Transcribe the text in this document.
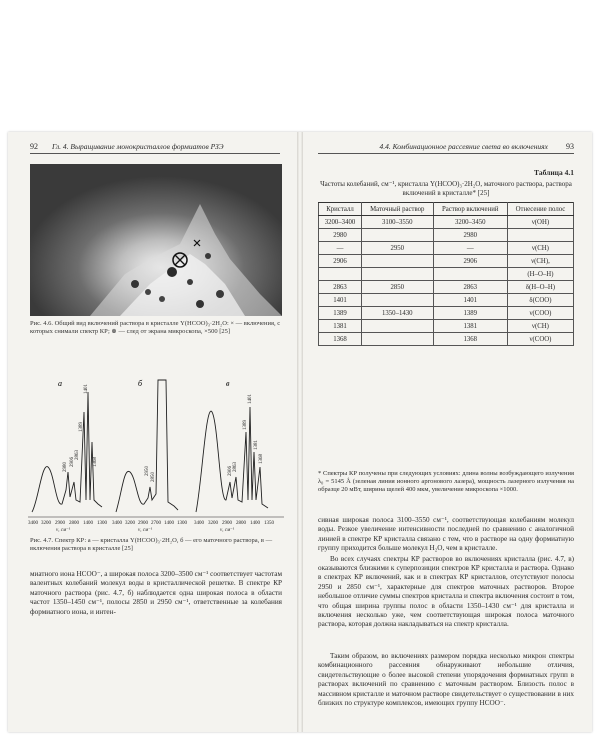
92 Гл. 4. Выращивание монокристаллов формиатов РЗЭ
Рис. 4.6. Общий вид включений раствора в кристалле Y(HCOO)₃·2H₂O: × — включения, с которых снимали спектр КР; ⊗ — след от экрана микроскопа, ×500 [25]
а	б	в
2980 2906
2863
1401
1389
1368
2950
2850
2906 2863
1401
1389
1381
1368
3400 3200 2900 2800 1400 1300 3400 3200 2900 2700 1400 1300 3400 3200 2900 2800 1400 1350
ν, см⁻¹	ν, см⁻¹	ν, см⁻¹
Рис. 4.7. Спектр КР: а — кристалла Y(HCOO)₃·2H₂O, б — его маточного раствора, в — включения раствора в кристалле [25]

миатного иона HCOO⁻, а широкая полоса 3200–3500 см⁻¹ соответствует частотам валентных колебаний молекул воды в кристаллической решетке. В спектре КР маточного раствора (рис. 4.7, б) наблюдается одна широкая полоса в области частот 1350–1450 см⁻¹, полосы 2850 и 2950 см⁻¹, ответственные за колебания формиатного иона, и интен-

4.4. Комбинационное рассеяние света во включениях 93
Таблица 4.1
Частоты колебаний, см⁻¹, кристалла Y(HCOO)₃·2H₂O, маточного раствора, раствора включений в кристалле* [25]
Кристалл	Маточный раствор	Раствор включений	Отнесение полос
3200–3400	3100–3550	3200–3450	ν(OH)
2980		2980	
—	2950	—	ν(CH)
2906		2906	ν(CH),
			(H–O–H)
2863	2850	2863	δ(H–O–H)
1401		1401	δ(COO)
1389	1350–1430	1389	ν(COO)
1381		1381	ν(CH)
1368		1368	ν(COO)
* Спектры КР получены при следующих условиях: длина волны возбуждающего излучения λ₀ = 5145 Å (зеленая линия ионного аргонового лазера), мощность лазерного излучения на образце 20 мВт, ширина щелей 400 мкм, увеличение микроскопа ×1000.

сивная широкая полоса 3100–3550 см⁻¹, соответствующая колебаниям молекул воды. Резкое увеличение интенсивности последней по сравнению с аналогичной линией в спектре КР кристалла связано с тем, что в растворе на одну формиатную группу приходится больше молекул H₂O, чем в кристалле.

Во всех случаях спектры КР растворов во включениях кристалла (рис. 4.7, в) оказываются близкими к суперпозиции спектров КР кристалла и раствора. Однако в спектрах КР включений, как и в спектрах КР кристаллов, отсутствуют полосы 2950 и 2850 см⁻¹, характерные для спектров маточных растворов. Второе небольшое отличие суммы спектров кристалла и спектра включения состоит в том, что общая ширина группы полос в области 1350–1430 см⁻¹ для кристалла и включения несколько уже, чем соответствующая широкая полоса маточного раствора, которая должна накладываться на спектр кристалла.

Таким образом, во включениях размером порядка несколько микрон спектры комбинационного рассеяния обнаруживают небольшие отличия, свидетельствующие о более высокой степени упорядочения формиатных групп в растворах включений по сравнению с маточным раствором. Близость полос в массивном кристалле и маточном растворе свидетельствует о существовании в них близких по структуре комплексов, имеющих группу HCOO⁻.
